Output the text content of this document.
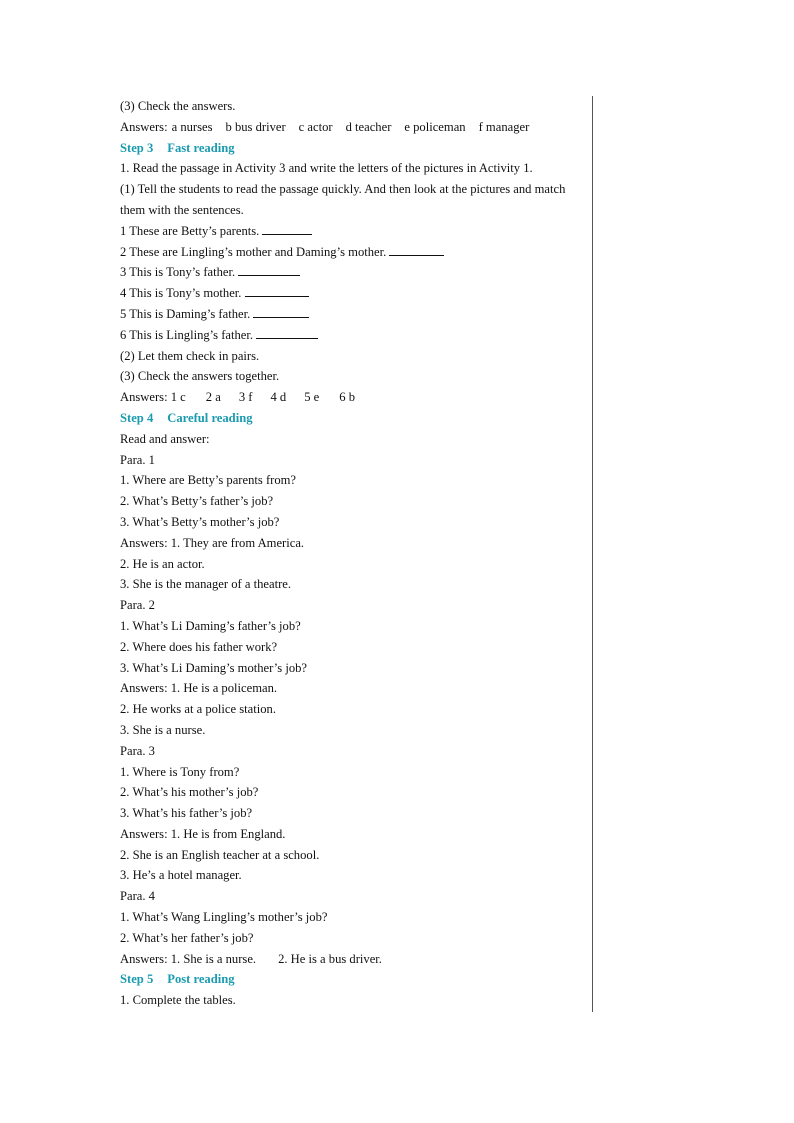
(3) Check the answers.
Answers: a nurses b bus driver c actor d teacher e policeman f manager
Step 3 Fast reading
1. Read the passage in Activity 3 and write the letters of the pictures in Activity 1.
(1) Tell the students to read the passage quickly. And then look at the pictures and match them with the sentences.
1 These are Betty’s parents.
2 These are Lingling’s mother and Daming’s mother.
3 This is Tony’s father.
4 This is Tony’s mother.
5 This is Daming’s father.
6 This is Lingling’s father.
(2) Let them check in pairs.
(3) Check the answers together.
Answers: 1 c 2 a 3 f 4 d 5 e 6 b
Step 4 Careful reading
Read and answer:
Para. 1
1. Where are Betty’s parents from?
2. What’s Betty’s father’s job?
3. What’s Betty’s mother’s job?
Answers: 1. They are from America.
2. He is an actor.
3. She is the manager of a theatre.
Para. 2
1. What’s Li Daming’s father’s job?
2. Where does his father work?
3. What’s Li Daming’s mother’s job?
Answers: 1. He is a policeman.
2. He works at a police station.
3. She is a nurse.
Para. 3
1. Where is Tony from?
2. What’s his mother’s job?
3. What’s his father’s job?
Answers: 1. He is from England.
2. She is an English teacher at a school.
3. He’s a hotel manager.
Para. 4
1. What’s Wang Lingling’s mother’s job?
2. What’s her father’s job?
Answers: 1. She is a nurse. 2. He is a bus driver.
Step 5 Post reading
1. Complete the tables.
